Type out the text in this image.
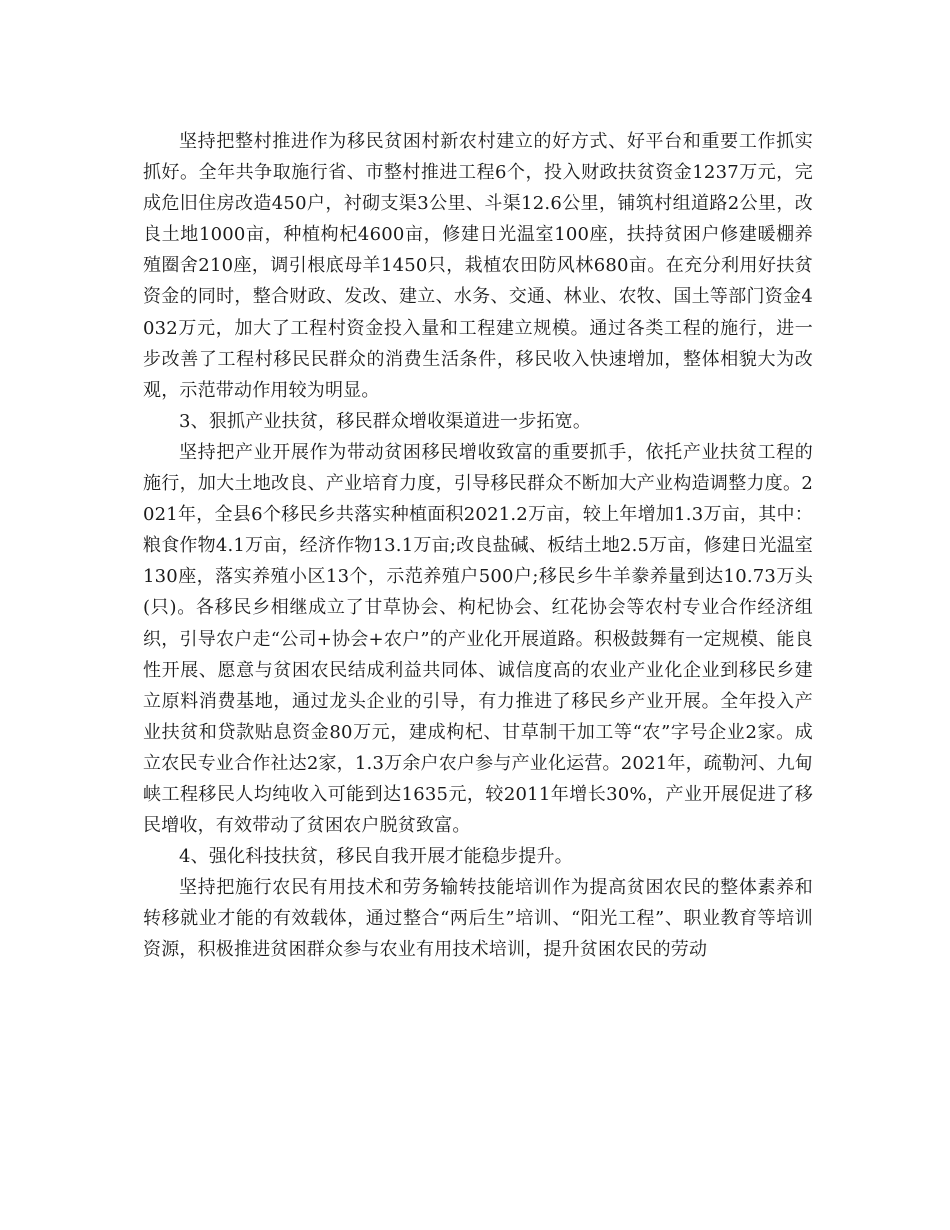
坚持把整村推进作为移民贫困村新农村建立的好方式、好平台和重要工作抓实抓好。全年共争取施行省、市整村推进工程6个，投入财政扶贫资金1237万元，完成危旧住房改造450户，衬砌支渠3公里、斗渠12.6公里，铺筑村组道路2公里，改良土地1000亩，种植枸杞4600亩，修建日光温室100座，扶持贫困户修建暖棚养殖圈舍210座，调引根底母羊1450只，栽植农田防风林680亩。在充分利用好扶贫资金的同时，整合财政、发改、建立、水务、交通、林业、农牧、国土等部门资金4032万元，加大了工程村资金投入量和工程建立规模。通过各类工程的施行，进一步改善了工程村移民民群众的消费生活条件，移民收入快速增加，整体相貌大为改观，示范带动作用较为明显。

3、狠抓产业扶贫，移民群众增收渠道进一步拓宽。

坚持把产业开展作为带动贫困移民增收致富的重要抓手，依托产业扶贫工程的施行，加大土地改良、产业培育力度，引导移民群众不断加大产业构造调整力度。2021年，全县6个移民乡共落实种植面积2021.2万亩，较上年增加1.3万亩，其中：粮食作物4.1万亩，经济作物13.1万亩;改良盐碱、板结土地2.5万亩，修建日光温室130座，落实养殖小区13个，示范养殖户500户;移民乡牛羊豢养量到达10.73万头(只)。各移民乡相继成立了甘草协会、枸杞协会、红花协会等农村专业合作经济组织，引导农户走“公司+协会+农户”的产业化开展道路。积极鼓舞有一定规模、能良性开展、愿意与贫困农民结成利益共同体、诚信度高的农业产业化企业到移民乡建立原料消费基地，通过龙头企业的引导，有力推进了移民乡产业开展。全年投入产业扶贫和贷款贴息资金80万元，建成枸杞、甘草制干加工等“农”字号企业2家。成立农民专业合作社达2家，1.3万余户农户参与产业化运营。2021年，疏勒河、九甸峡工程移民人均纯收入可能到达1635元，较2011年增长30%，产业开展促进了移民增收，有效带动了贫困农户脱贫致富。

4、强化科技扶贫，移民自我开展才能稳步提升。

坚持把施行农民有用技术和劳务输转技能培训作为提高贫困农民的整体素养和转移就业才能的有效载体，通过整合“两后生”培训、“阳光工程”、职业教育等培训资源，积极推进贫困群众参与农业有用技术培训，提升贫困农民的劳动
